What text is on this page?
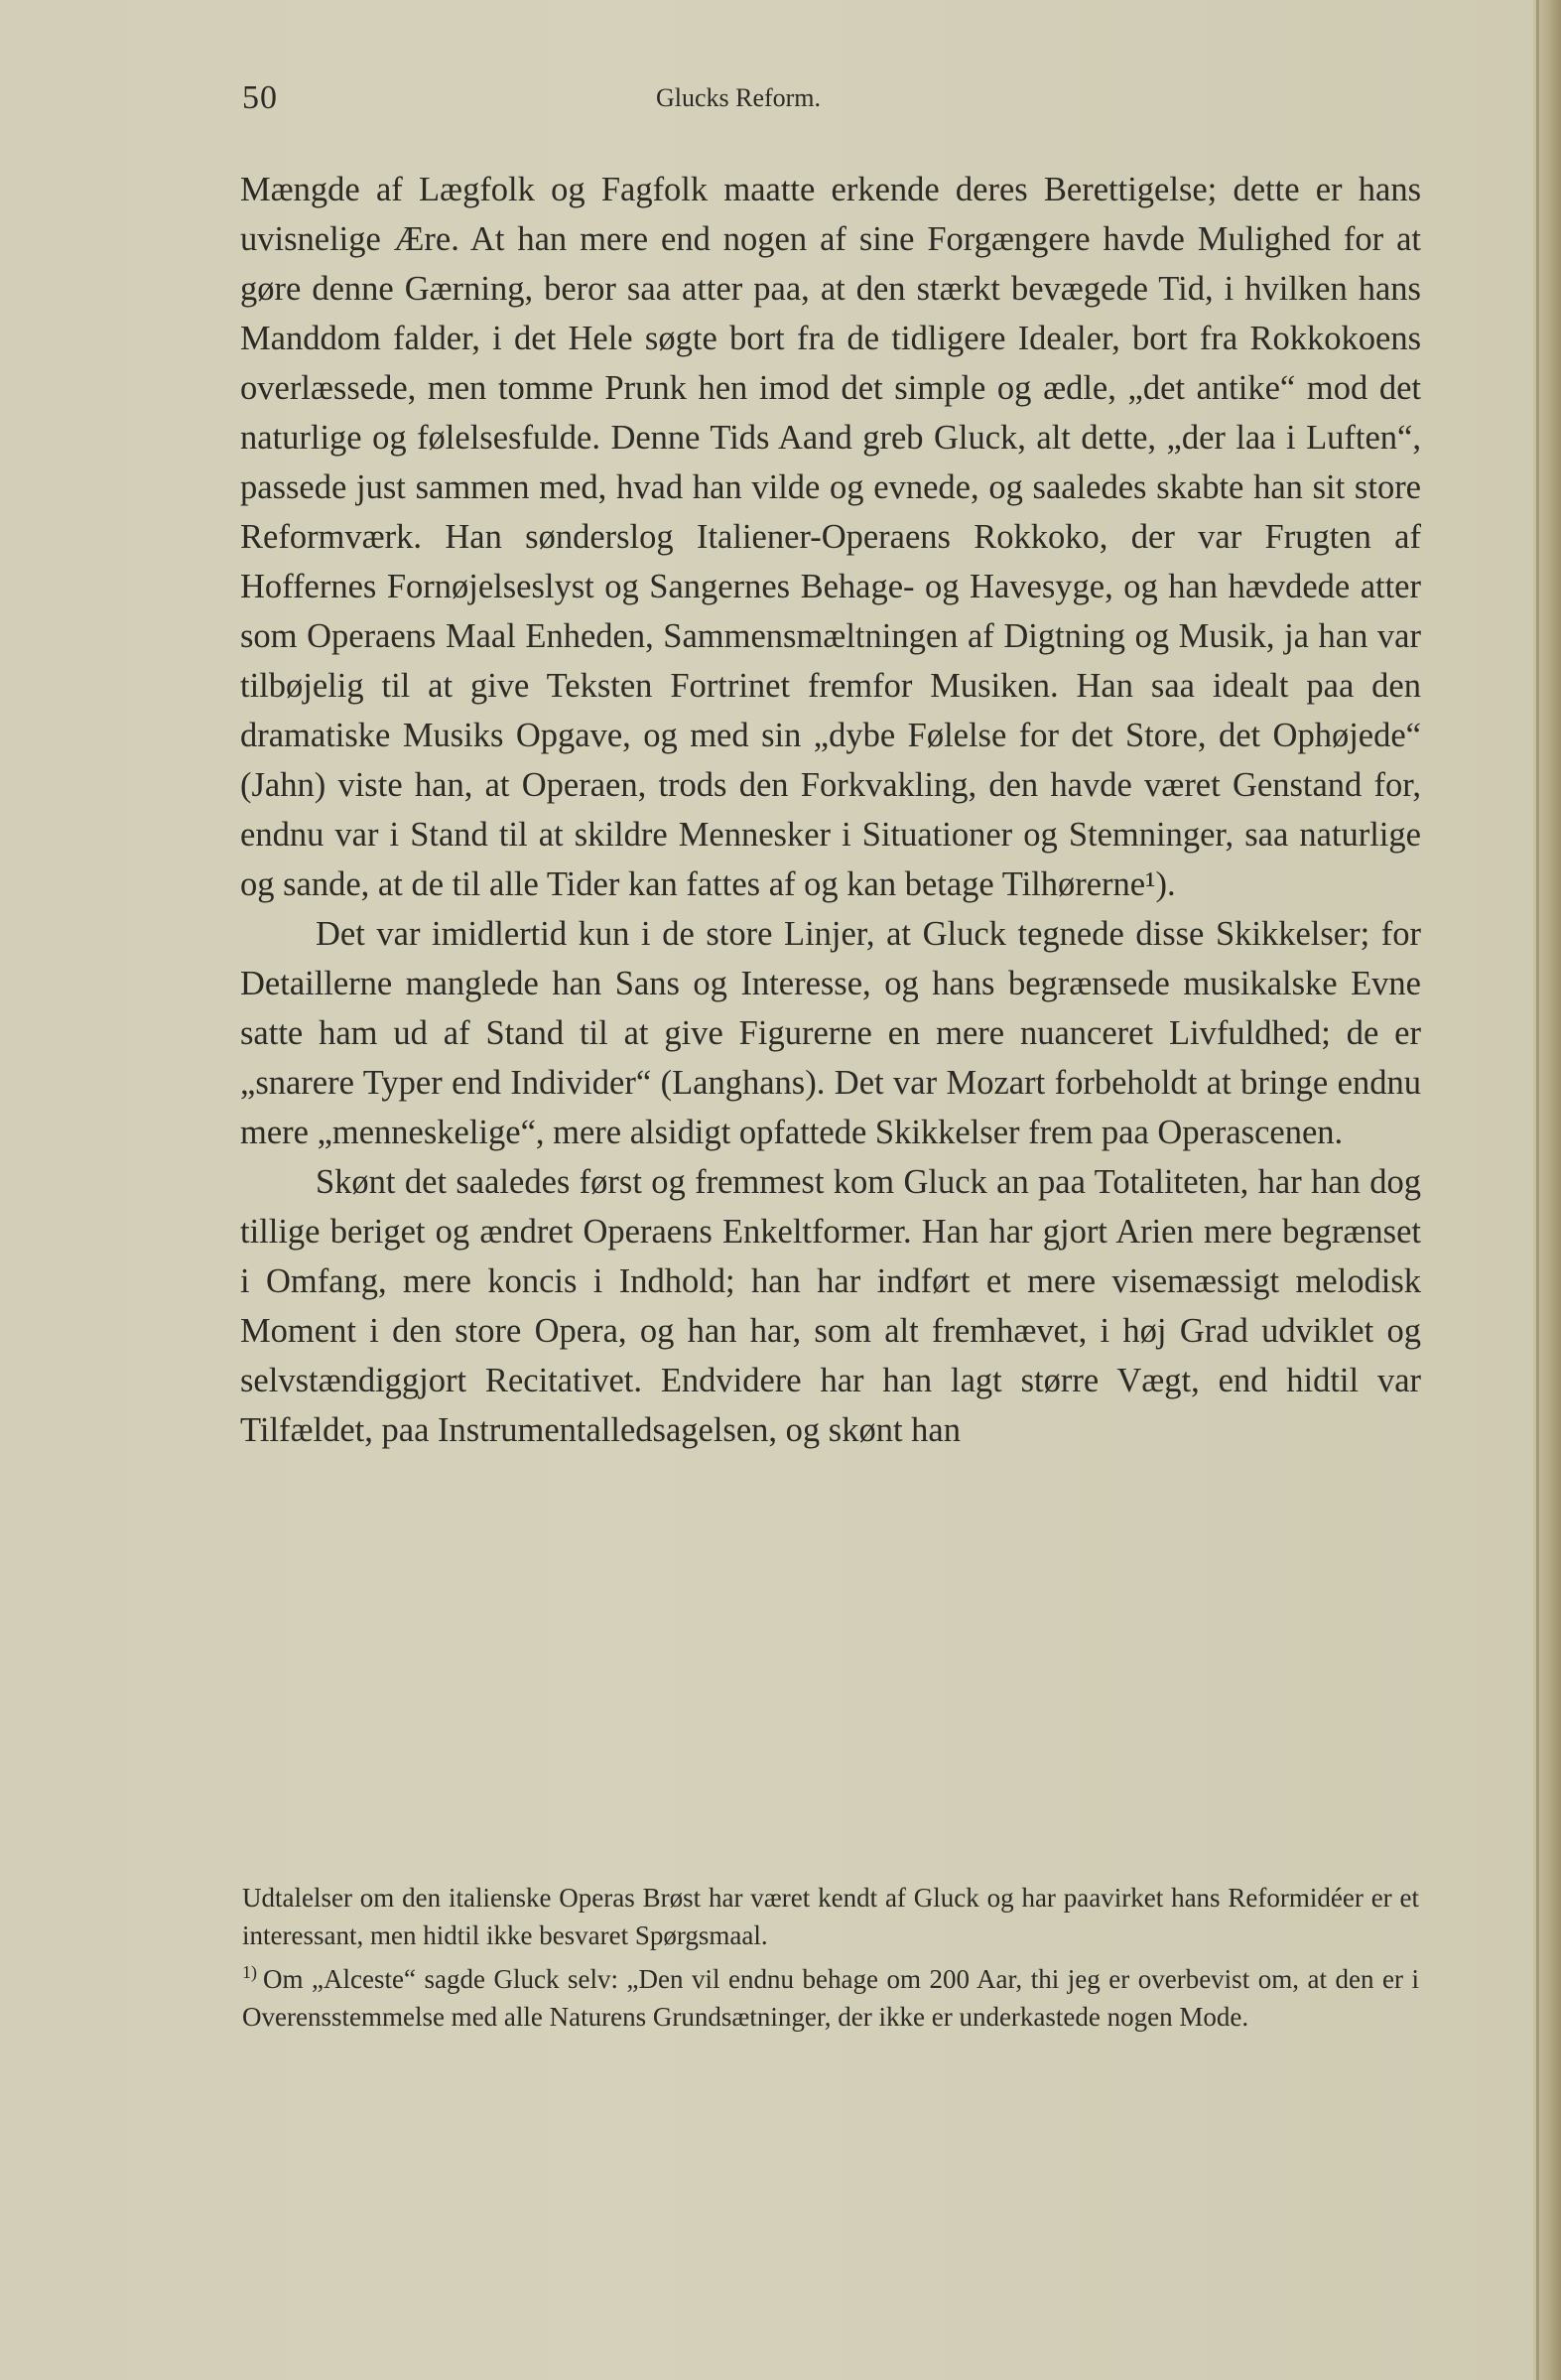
50	Glucks Reform.

Mængde af Lægfolk og Fagfolk maatte erkende deres Berettigelse; dette er hans uvisnelige Ære. At han mere end nogen af sine Forgængere havde Mulighed for at gøre denne Gærning, beror saa atter paa, at den stærkt bevægede Tid, i hvilken hans Manddom falder, i det Hele søgte bort fra de tidligere Idealer, bort fra Rokkokoens overlæssede, men tomme Prunk hen imod det simple og ædle, „det antike“ mod det naturlige og følelsesfulde. Denne Tids Aand greb Gluck, alt dette, „der laa i Luften“, passede just sammen med, hvad han vilde og evnede, og saaledes skabte han sit store Reformværk. Han sønderslog Italiener-Operaens Rokkoko, der var Frugten af Hoffernes Fornøjelseslyst og Sangernes Behage- og Havesyge, og han hævdede atter som Operaens Maal Enheden, Sammensmæltningen af Digtning og Musik, ja han var tilbøjelig til at give Teksten Fortrinet fremfor Musiken. Han saa idealt paa den dramatiske Musiks Opgave, og med sin „dybe Følelse for det Store, det Ophøjede“ (Jahn) viste han, at Operaen, trods den Forkvakling, den havde været Genstand for, endnu var i Stand til at skildre Mennesker i Situationer og Stemninger, saa naturlige og sande, at de til alle Tider kan fattes af og kan betage Tilhørerne¹).

Det var imidlertid kun i de store Linjer, at Gluck tegnede disse Skikkelser; for Detaillerne manglede han Sans og Interesse, og hans begrænsede musikalske Evne satte ham ud af Stand til at give Figurerne en mere nuanceret Livfuldhed; de er „snarere Typer end Individer“ (Langhans). Det var Mozart forbeholdt at bringe endnu mere „menneskelige“, mere alsidigt opfattede Skikkelser frem paa Operascenen.

Skønt det saaledes først og fremmest kom Gluck an paa Totaliteten, har han dog tillige beriget og ændret Operaens Enkeltformer. Han har gjort Arien mere begrænset i Omfang, mere koncis i Indhold; han har indført et mere visemæssigt melodisk Moment i den store Opera, og han har, som alt fremhævet, i høj Grad udviklet og selvstændiggjort Recitativet. Endvidere har han lagt større Vægt, end hidtil var Tilfældet, paa Instrumentalledsagelsen, og skønt han

Udtalelser om den italienske Operas Brøst har været kendt af Gluck og har paavirket hans Reformidéer er et interessant, men hidtil ikke besvaret Spørgsmaal.

$^{1)}$ Om „Alceste“ sagde Gluck selv: „Den vil endnu behage om 200 Aar, thi jeg er overbevist om, at den er i Overensstemmelse med alle Naturens Grundsætninger, der ikke er underkastede nogen Mode.
